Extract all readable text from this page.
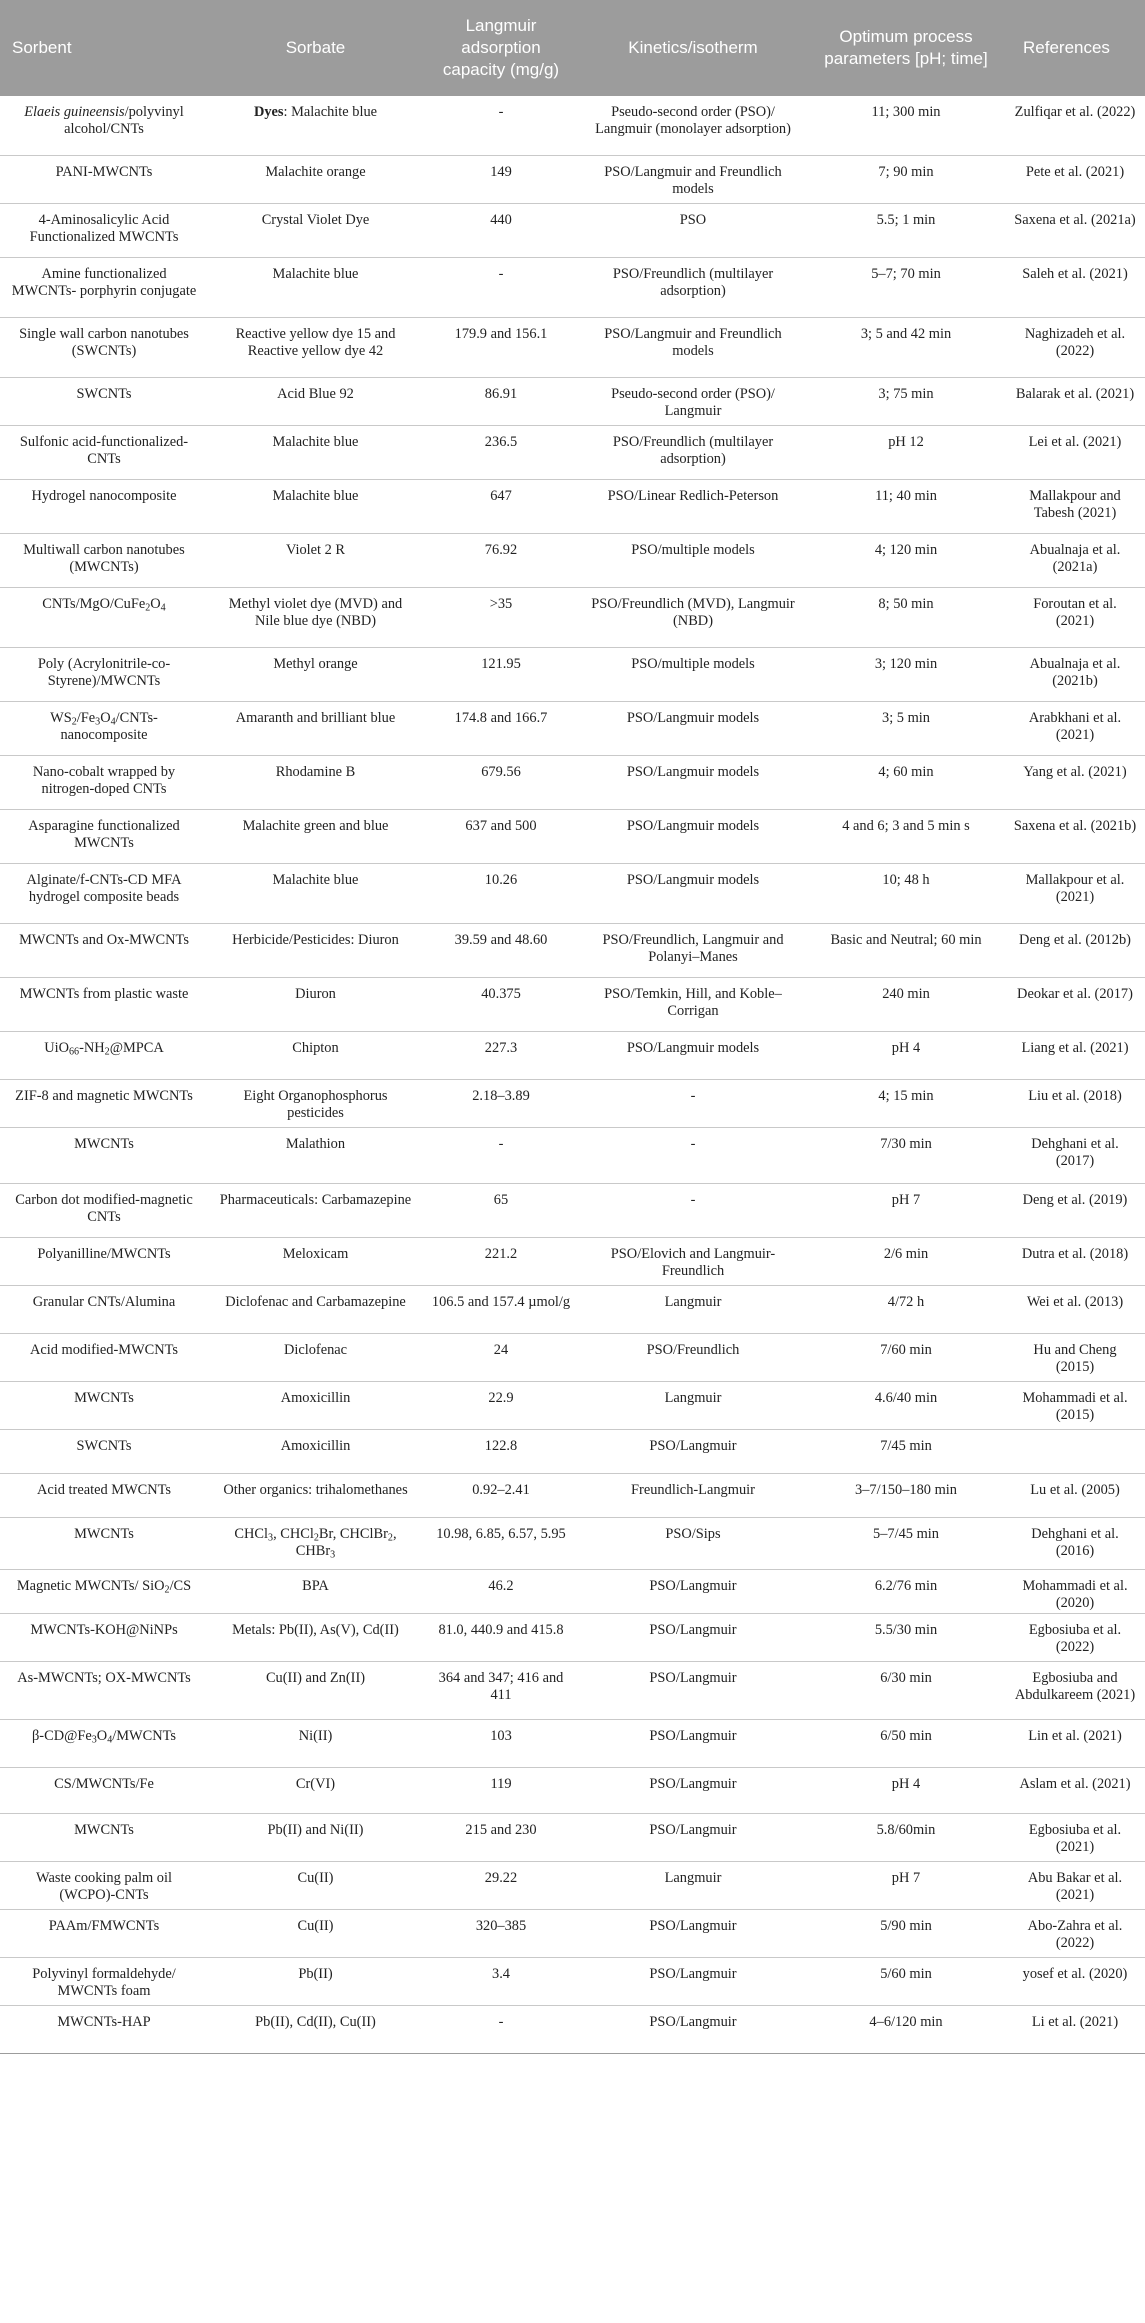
Sorbent	Sorbate	Langmuir adsorption capacity (mg/g)	Kinetics/isotherm	Optimum process parameters [pH; time]	References
Elaeis guineensis/polyvinyl alcohol/CNTs	Dyes: Malachite blue	-	Pseudo-second order (PSO)/ Langmuir (monolayer adsorption)	11; 300 min	Zulfiqar et al. (2022)
PANI-MWCNTs	Malachite orange	149	PSO/Langmuir and Freundlich models	7; 90 min	Pete et al. (2021)
4-Aminosalicylic Acid Functionalized MWCNTs	Crystal Violet Dye	440	PSO	5.5; 1 min	Saxena et al. (2021a)
Amine functionalized MWCNTs- porphyrin conjugate	Malachite blue	-	PSO/Freundlich (multilayer adsorption)	5–7; 70 min	Saleh et al. (2021)
Single wall carbon nanotubes (SWCNTs)	Reactive yellow dye 15 and Reactive yellow dye 42	179.9 and 156.1	PSO/Langmuir and Freundlich models	3; 5 and 42 min	Naghizadeh et al. (2022)
SWCNTs	Acid Blue 92	86.91	Pseudo-second order (PSO)/ Langmuir	3; 75 min	Balarak et al. (2021)
Sulfonic acid-functionalized-CNTs	Malachite blue	236.5	PSO/Freundlich (multilayer adsorption)	pH 12	Lei et al. (2021)
Hydrogel nanocomposite	Malachite blue	647	PSO/Linear Redlich-Peterson	11; 40 min	Mallakpour and Tabesh (2021)
Multiwall carbon nanotubes (MWCNTs)	Violet 2 R	76.92	PSO/multiple models	4; 120 min	Abualnaja et al. (2021a)
CNTs/$MgO/CuFe_2O_4$	Methyl violet dye (MVD) and Nile blue dye (NBD)	>35	PSO/Freundlich (MVD), Langmuir (NBD)	8; 50 min	Foroutan et al. (2021)
Poly (Acrylonitrile-co-Styrene)/MWCNTs	Methyl orange	121.95	PSO/multiple models	3; 120 min	Abualnaja et al. (2021b)
$WS_2/Fe_3O_4/CNTs$-nanocomposite	Amaranth and brilliant blue	174.8 and 166.7	PSO/Langmuir models	3; 5 min	Arabkhani et al. (2021)
Nano-cobalt wrapped by nitrogen-doped CNTs	Rhodamine B	679.56	PSO/Langmuir models	4; 60 min	Yang et al. (2021)
Asparagine functionalized MWCNTs	Malachite green and blue	637 and 500	PSO/Langmuir models	4 and 6; 3 and 5 min s	Saxena et al. (2021b)
Alginate/f-CNTs-CD MFA hydrogel composite beads	Malachite blue	10.26	PSO/Langmuir models	10; 48 h	Mallakpour et al. (2021)
MWCNTs and Ox-MWCNTs	Herbicide/Pesticides: Diuron	39.59 and 48.60	PSO/Freundlich, Langmuir and Polanyi–Manes	Basic and Neutral; 60 min	Deng et al. (2012b)
MWCNTs from plastic waste	Diuron	40.375	PSO/Temkin, Hill, and Koble–Corrigan	240 min	Deokar et al. (2017)
$UiO_{66}-NH_2@MPCA$	Chipton	227.3	PSO/Langmuir models	pH 4	Liang et al. (2021)
ZIF-8 and magnetic MWCNTs	Eight Organophosphorus pesticides	2.18–3.89	-	4; 15 min	Liu et al. (2018)
MWCNTs	Malathion	-	-	7/30 min	Dehghani et al. (2017)
Carbon dot modified-magnetic CNTs	Pharmaceuticals: Carbamazepine	65	-	pH 7	Deng et al. (2019)
Polyanilline/MWCNTs	Meloxicam	221.2	PSO/Elovich and Langmuir-Freundlich	2/6 min	Dutra et al. (2018)
Granular CNTs/Alumina	Diclofenac and Carbamazepine	106.5 and 157.4 µmol/g	Langmuir	4/72 h	Wei et al. (2013)
Acid modified-MWCNTs	Diclofenac	24	PSO/Freundlich	7/60 min	Hu and Cheng (2015)
MWCNTs	Amoxicillin	22.9	Langmuir	4.6/40 min	Mohammadi et al. (2015)
SWCNTs	Amoxicillin	122.8	PSO/Langmuir	7/45 min	
Acid treated MWCNTs	Other organics: trihalomethanes	0.92–2.41	Freundlich-Langmuir	3–7/150–180 min	Lu et al. (2005)
MWCNTs	CHCl$_3$, CHCl$_2$Br, CHClBr$_2$, CHBr$_3$	10.98, 6.85, 6.57, 5.95	PSO/Sips	5–7/45 min	Dehghani et al. (2016)
Magnetic MWCNTs/ SiO$_2$/CS	BPA	46.2	PSO/Langmuir	6.2/76 min	Mohammadi et al. (2020)
MWCNTs-KOH@NiNPs	Metals: Pb(II), As(V), Cd(II)	81.0, 440.9 and 415.8	PSO/Langmuir	5.5/30 min	Egbosiuba et al. (2022)
As-MWCNTs; OX-MWCNTs	Cu(II) and Zn(II)	364 and 347; 416 and 411	PSO/Langmuir	6/30 min	Egbosiuba and Abdulkareem (2021)
$\beta-CD@Fe_3O_4$/MWCNTs	Ni(II)	103	PSO/Langmuir	6/50 min	Lin et al. (2021)
CS/MWCNTs/Fe	Cr(VI)	119	PSO/Langmuir	pH 4	Aslam et al. (2021)
MWCNTs	Pb(II) and Ni(II)	215 and 230	PSO/Langmuir	5.8/60min	Egbosiuba et al. (2021)
Waste cooking palm oil (WCPO)-CNTs	Cu(II)	29.22	Langmuir	pH 7	Abu Bakar et al. (2021)
PAAm/FMWCNTs	Cu(II)	320–385	PSO/Langmuir	5/90 min	Abo-Zahra et al. (2022)
Polyvinyl formaldehyde/ MWCNTs foam	Pb(II)	3.4	PSO/Langmuir	5/60 min	yosef et al. (2020)
MWCNTs-HAP	Pb(II), Cd(II), Cu(II)	-	PSO/Langmuir	4–6/120 min	Li et al. (2021)
